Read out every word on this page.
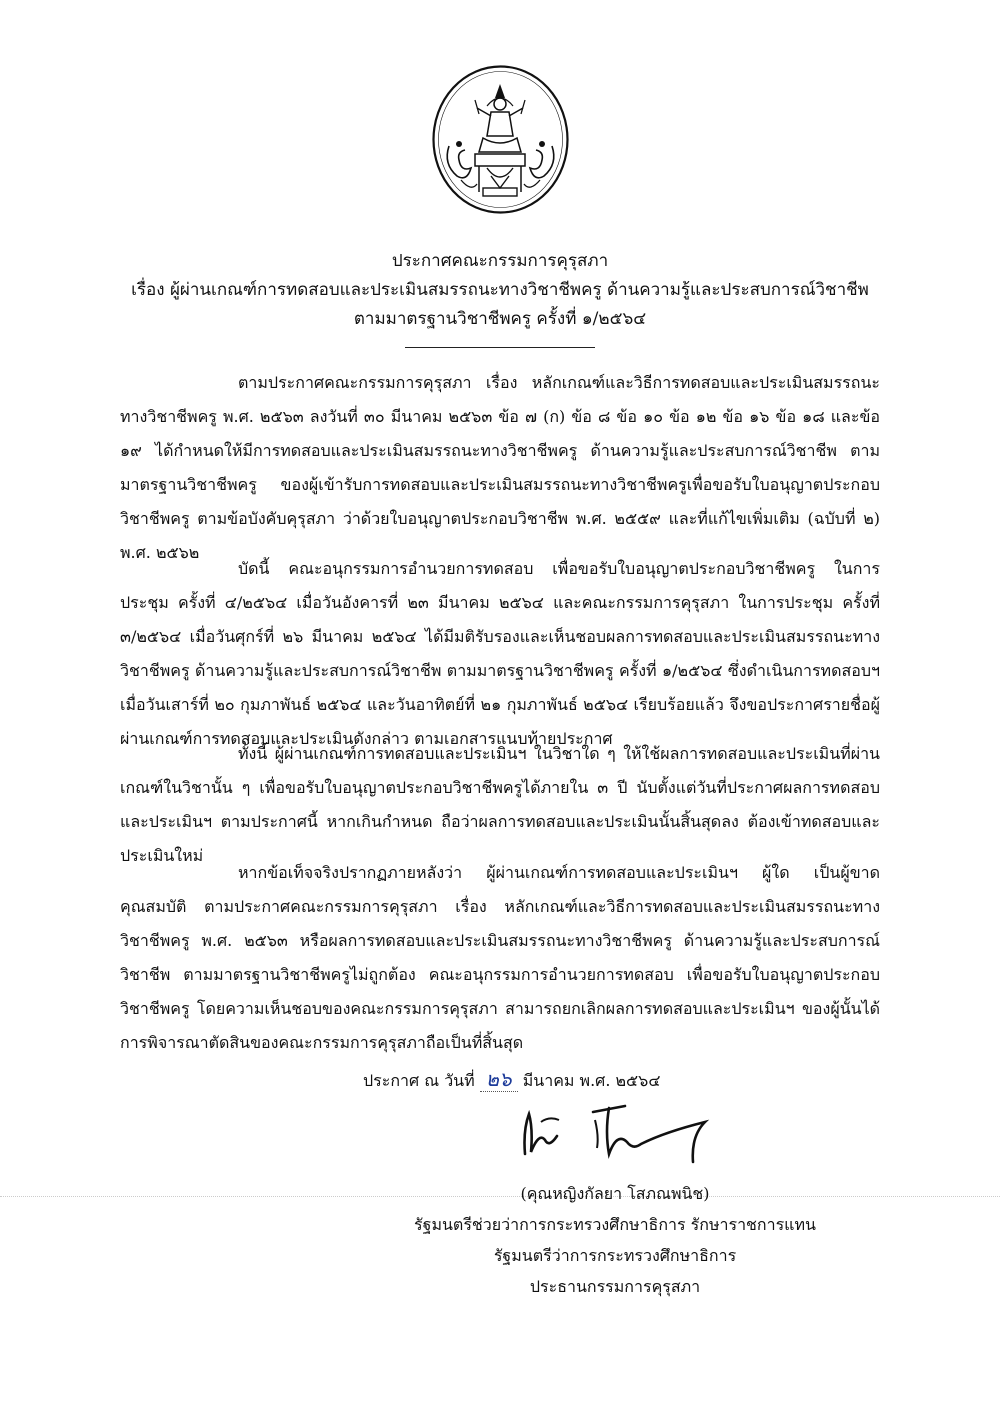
ประกาศคณะกรรมการคุรุสภา
เรื่อง ผู้ผ่านเกณฑ์การทดสอบและประเมินสมรรถนะทางวิชาชีพครู ด้านความรู้และประสบการณ์วิชาชีพ
ตามมาตรฐานวิชาชีพครู ครั้งที่ ๑/๒๕๖๔

ตามประกาศคณะกรรมการคุรุสภา เรื่อง หลักเกณฑ์และวิธีการทดสอบและประเมินสมรรถนะทางวิชาชีพครู พ.ศ. ๒๕๖๓ ลงวันที่ ๓๐ มีนาคม ๒๕๖๓ ข้อ ๗ (ก) ข้อ ๘ ข้อ ๑๐ ข้อ ๑๒ ข้อ ๑๖ ข้อ ๑๘ และข้อ ๑๙ ได้กำหนดให้มีการทดสอบและประเมินสมรรถนะทางวิชาชีพครู ด้านความรู้และประสบการณ์วิชาชีพ ตามมาตรฐานวิชาชีพครู ของผู้เข้ารับการทดสอบและประเมินสมรรถนะทางวิชาชีพครูเพื่อขอรับใบอนุญาตประกอบวิชาชีพครู ตามข้อบังคับคุรุสภา ว่าด้วยใบอนุญาตประกอบวิชาชีพ พ.ศ. ๒๕๕๙ และที่แก้ไขเพิ่มเติม (ฉบับที่ ๒) พ.ศ. ๒๕๖๒

บัดนี้ คณะอนุกรรมการอำนวยการทดสอบ เพื่อขอรับใบอนุญาตประกอบวิชาชีพครู ในการประชุม ครั้งที่ ๔/๒๕๖๔ เมื่อวันอังคารที่ ๒๓ มีนาคม ๒๕๖๔ และคณะกรรมการคุรุสภา ในการประชุม ครั้งที่ ๓/๒๕๖๔ เมื่อวันศุกร์ที่ ๒๖ มีนาคม ๒๕๖๔ ได้มีมติรับรองและเห็นชอบผลการทดสอบและประเมินสมรรถนะทางวิชาชีพครู ด้านความรู้และประสบการณ์วิชาชีพ ตามมาตรฐานวิชาชีพครู ครั้งที่ ๑/๒๕๖๔ ซึ่งดำเนินการทดสอบฯ เมื่อวันเสาร์ที่ ๒๐ กุมภาพันธ์ ๒๕๖๔ และวันอาทิตย์ที่ ๒๑ กุมภาพันธ์ ๒๕๖๔ เรียบร้อยแล้ว จึงขอประกาศรายชื่อผู้ผ่านเกณฑ์การทดสอบและประเมินดังกล่าว ตามเอกสารแนบท้ายประกาศ

ทั้งนี้ ผู้ผ่านเกณฑ์การทดสอบและประเมินฯ ในวิชาใด ๆ ให้ใช้ผลการทดสอบและประเมินที่ผ่านเกณฑ์ในวิชานั้น ๆ เพื่อขอรับใบอนุญาตประกอบวิชาชีพครูได้ภายใน ๓ ปี นับตั้งแต่วันที่ประกาศผลการทดสอบและประเมินฯ ตามประกาศนี้ หากเกินกำหนด ถือว่าผลการทดสอบและประเมินนั้นสิ้นสุดลง ต้องเข้าทดสอบและประเมินใหม่

หากข้อเท็จจริงปรากฏภายหลังว่า ผู้ผ่านเกณฑ์การทดสอบและประเมินฯ ผู้ใด เป็นผู้ขาดคุณสมบัติ ตามประกาศคณะกรรมการคุรุสภา เรื่อง หลักเกณฑ์และวิธีการทดสอบและประเมินสมรรถนะทางวิชาชีพครู พ.ศ. ๒๕๖๓ หรือผลการทดสอบและประเมินสมรรถนะทางวิชาชีพครู ด้านความรู้และประสบการณ์วิชาชีพ ตามมาตรฐานวิชาชีพครูไม่ถูกต้อง คณะอนุกรรมการอำนวยการทดสอบ เพื่อขอรับใบอนุญาตประกอบวิชาชีพครู โดยความเห็นชอบของคณะกรรมการคุรุสภา สามารถยกเลิกผลการทดสอบและประเมินฯ ของผู้นั้นได้ การพิจารณาตัดสินของคณะกรรมการคุรุสภาถือเป็นที่สิ้นสุด

ประกาศ ณ วันที่ ๒๖ มีนาคม พ.ศ. ๒๕๖๔
(คุณหญิงกัลยา โสภณพนิช)
รัฐมนตรีช่วยว่าการกระทรวงศึกษาธิการ รักษาราชการแทน
รัฐมนตรีว่าการกระทรวงศึกษาธิการ
ประธานกรรมการคุรุสภา
